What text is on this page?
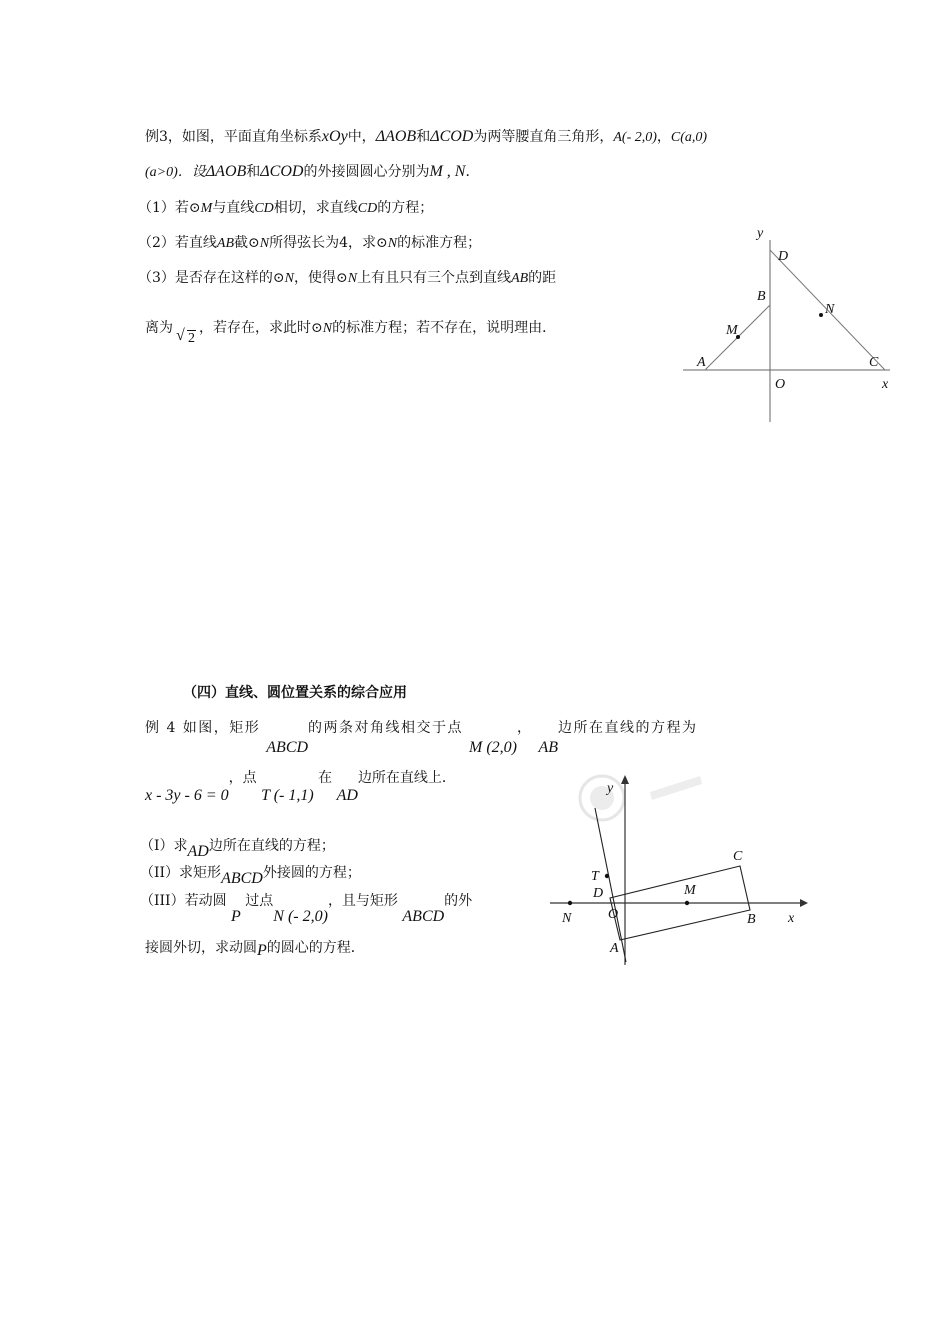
例3，如图，平面直角坐标系xOy中，ΔAOB和ΔCOD为两等腰直角三角形，A(- 2,0)，C(a,0)
(a>0)．设ΔAOB和ΔCOD的外接圆圆心分别为M , N．
（1）若⊙M与直线CD相切，求直线CD的方程；
（2）若直线AB截⊙N所得弦长为4，求⊙N的标准方程；
（3）是否存在这样的⊙N，使得⊙N上有且只有三个点到直线AB的距
离为 √ 2，若存在，求此时⊙N的标准方程；若不存在，说明理由．
y
D
B
N
M
A	C
O	x
（四）直线、圆位置关系的综合应用
例 4 如图，矩形 ABCD的两条对角线相交于点 M (2,0)， AB边所在直线的方程为
x - 3y - 6 = 0，点 T (- 1,1) 在 AD边所在直线上．
（I）求AD边所在直线的方程；
（II）求矩形ABCD外接圆的方程；
（III）若动圆 P 过点N (- 2,0)，且与矩形 ABCD的外
接圆外切，求动圆P的圆心的方程．
y
C
T
D	M
N	O	B x
A
